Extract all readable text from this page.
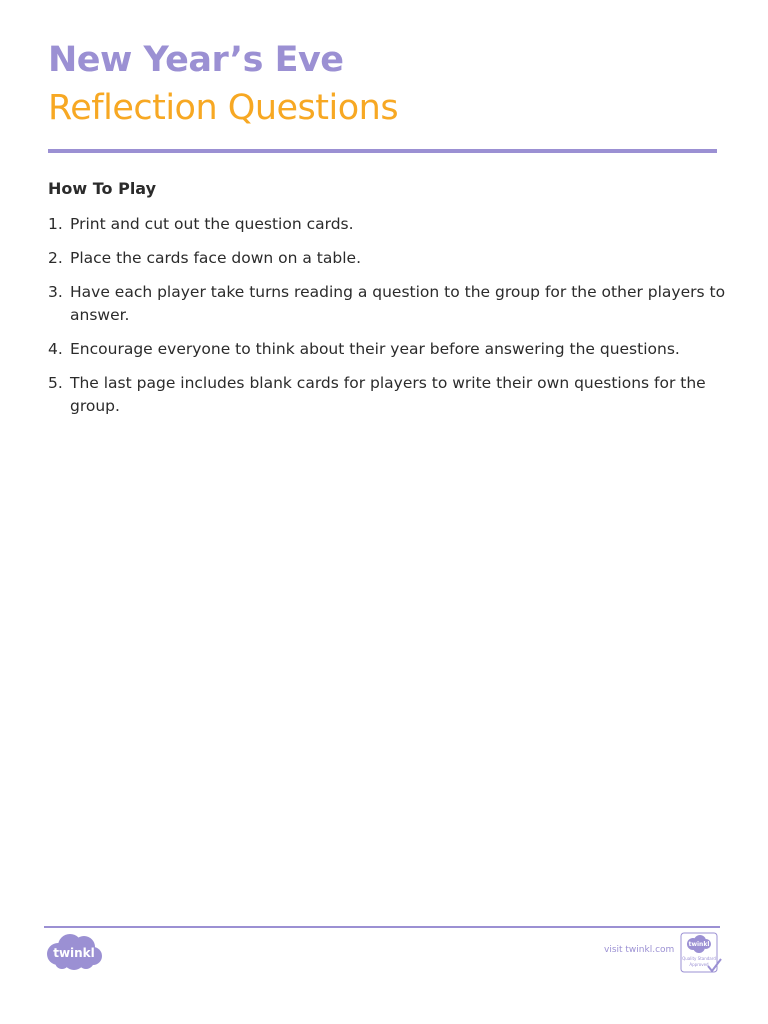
New Year’s Eve
Reflection Questions
How To Play
1. Print and cut out the question cards.
2. Place the cards face down on a table.
3. Have each player take turns reading a question to the group for the other players to answer.
4. Encourage everyone to think about their year before answering the questions.
5. The last page includes blank cards for players to write their own questions for the group.
twinkl	visit twinkl.com
twinkl
Quality Standard
Approved
